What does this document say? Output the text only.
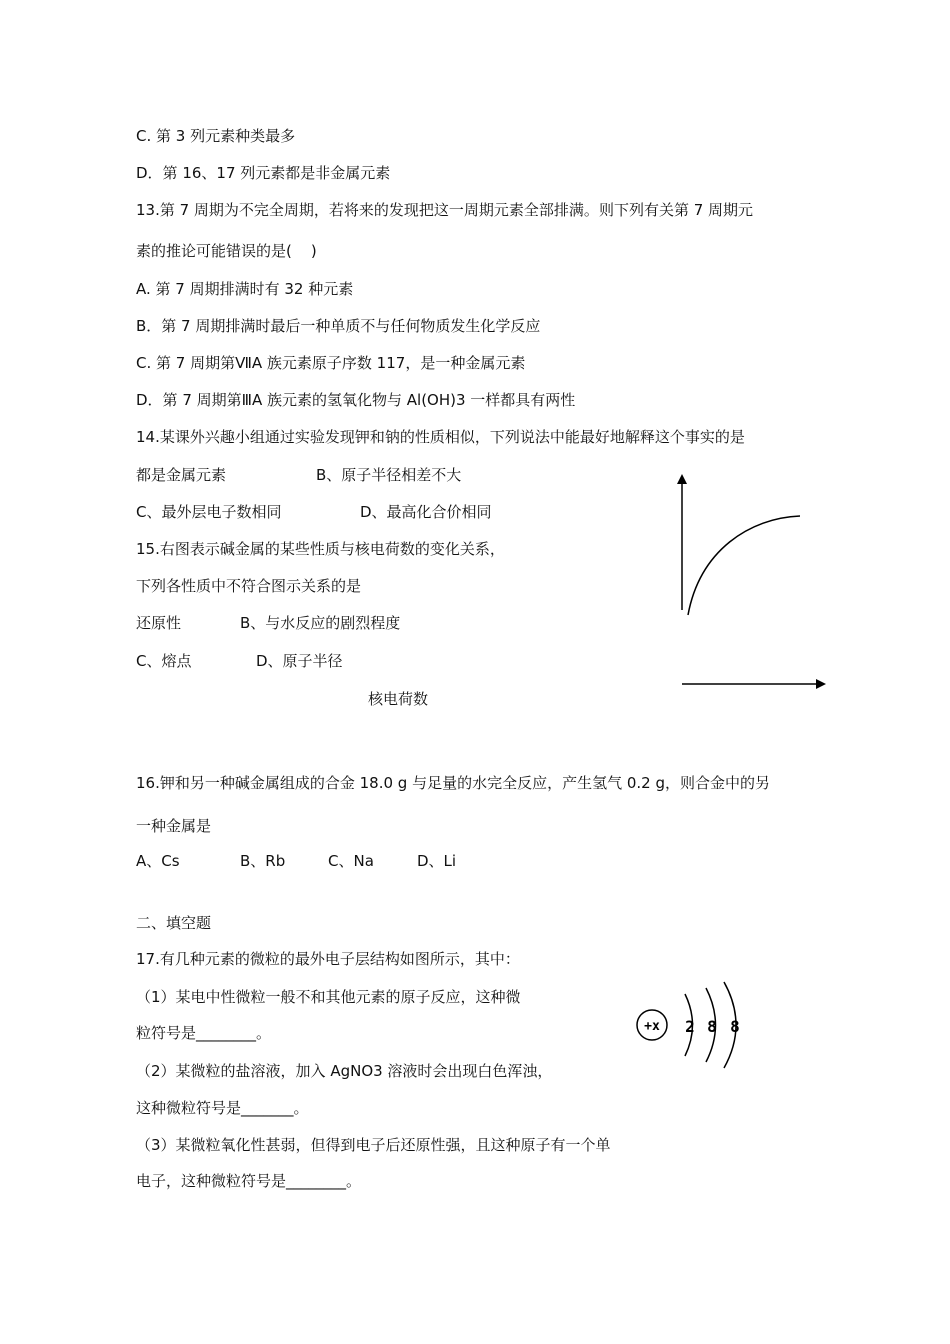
C. 第 3 列元素种类最多
D．第 16、17 列元素都是非金属元素
13.第 7 周期为不完全周期，若将来的发现把这一周期元素全部排满。则下列有关第 7 周期元
素的推论可能错误的是(    )
A. 第 7 周期排满时有 32 种元素
B．第 7 周期排满时最后一种单质不与任何物质发生化学反应
C. 第 7 周期第ⅦA 族元素原子序数 117，是一种金属元素
D．第 7 周期第ⅢA 族元素的氢氧化物与 Al(OH)3 一样都具有两性
14.某课外兴趣小组通过实验发现钾和钠的性质相似，下列说法中能最好地解释这个事实的是
都是金属元素	B、原子半径相差不大
C、最外层电子数相同	D、最高化合价相同
15.右图表示碱金属的某些性质与核电荷数的变化关系，
下列各性质中不符合图示关系的是
还原性	B、与水反应的剧烈程度
C、熔点	D、原子半径
核电荷数
16.钾和另一种碱金属组成的合金 18.0 g 与足量的水完全反应，产生氢气 0.2 g，则合金中的另
一种金属是
A、Cs	B、Rb	C、Na	D、Li
二、填空题
17.有几种元素的微粒的最外电子层结构如图所示，其中：
（1）某电中性微粒一般不和其他元素的原子反应，这种微
粒符号是________。
（2）某微粒的盐溶液，加入 AgNO3 溶液时会出现白色浑浊，
这种微粒符号是_______。
（3）某微粒氧化性甚弱，但得到电子后还原性强，且这种原子有一个单
电子，这种微粒符号是________。
+x 2 8 8
